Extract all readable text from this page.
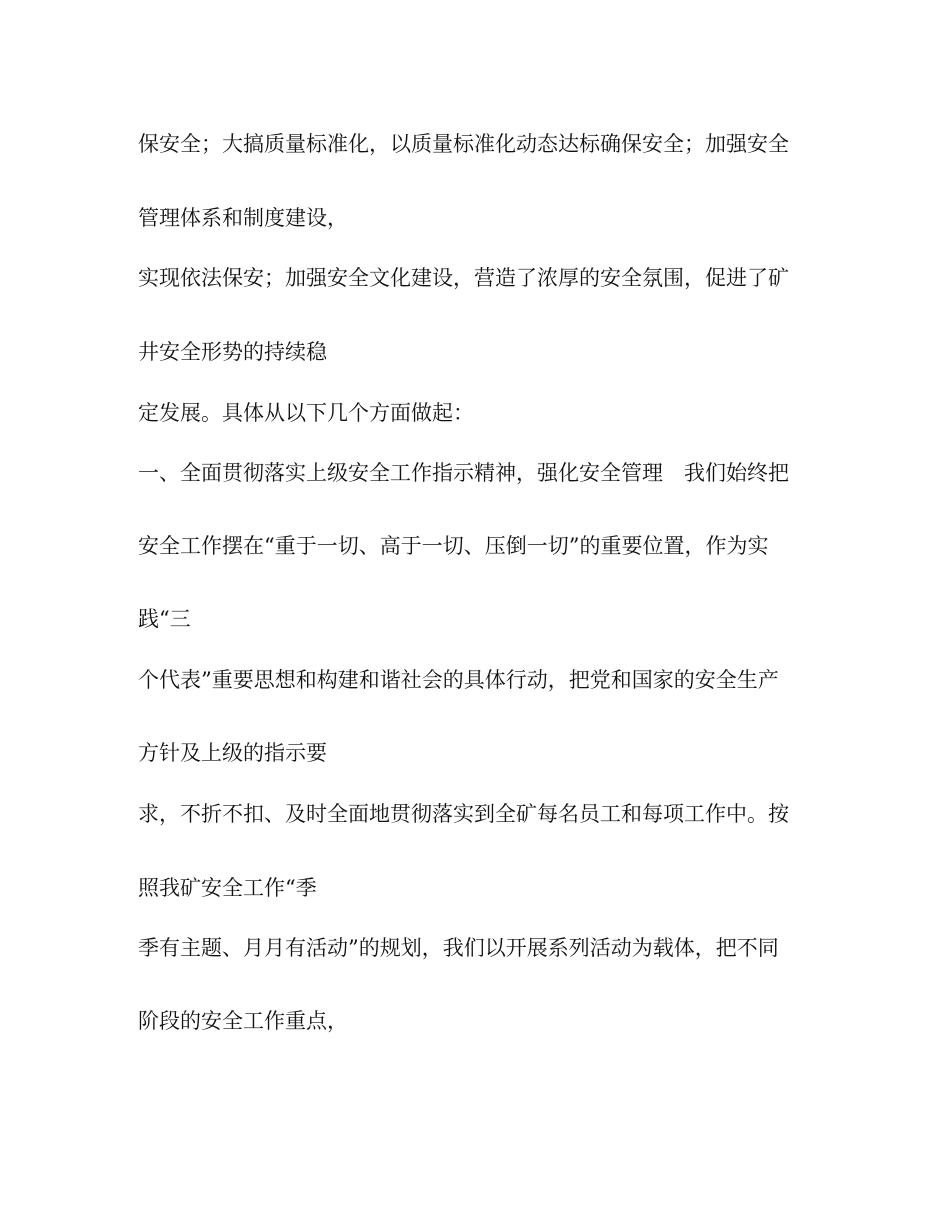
保安全；大搞质量标准化，以质量标准化动态达标确保安全；加强安全

管理体系和制度建设，

实现依法保安；加强安全文化建设，营造了浓厚的安全氛围，促进了矿

井安全形势的持续稳

定发展。具体从以下几个方面做起：

一、全面贯彻落实上级安全工作指示精神，强化安全管理　我们始终把

安全工作摆在“重于一切、高于一切、压倒一切”的重要位置，作为实

践“三

个代表”重要思想和构建和谐社会的具体行动，把党和国家的安全生产

方针及上级的指示要

求，不折不扣、及时全面地贯彻落实到全矿每名员工和每项工作中。按

照我矿安全工作“季

季有主题、月月有活动”的规划，我们以开展系列活动为载体，把不同

阶段的安全工作重点，
